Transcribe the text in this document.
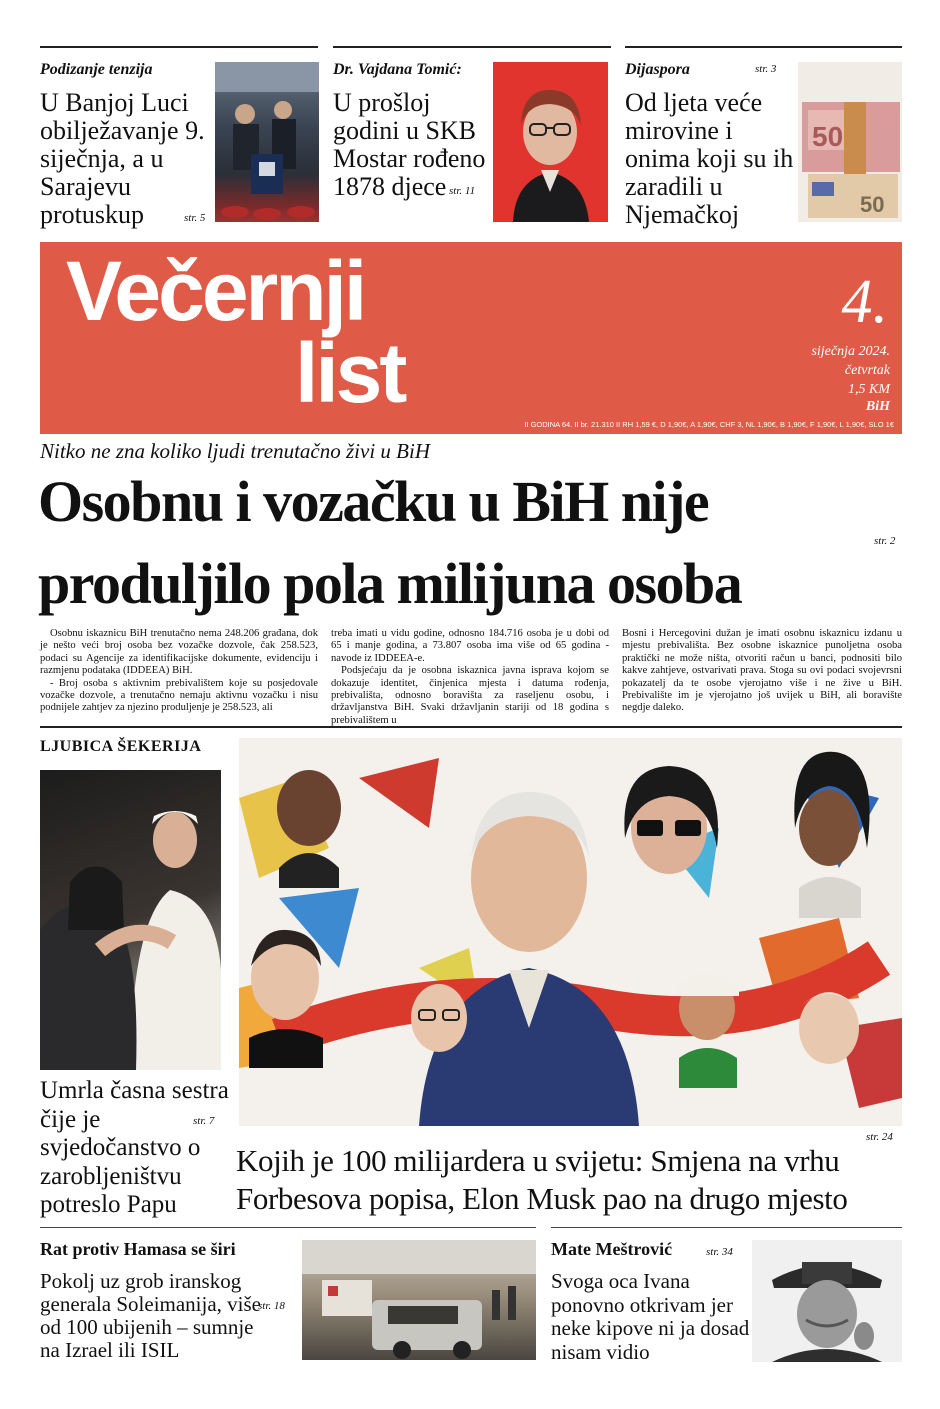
Podizanje tenzija
U Banjoj Luci obilježavanje 9. siječnja, a u Sarajevu protuskup	str. 5
Dr. Vajdana Tomić:
U prošloj godini u SKB Mostar rođeno 1878 djece str. 11
Dijaspora	str. 3
Od ljeta veće mirovine i onima koji su ih zaradili u Njemačkoj
50
50
Večernji
list
4.
siječnja 2024.
četvrtak
1,5 KM
BiH
II GODINA 64. II br. 21.310 II RH 1,59 €, D 1,90€, A 1,90€, CHF 3, NL 1,90€, B 1,90€, F 1,90€, L 1,90€, SLO 1€
Nitko ne zna koliko ljudi trenutačno živi u BiH
Osobnu i vozačku u BiH nije
produljilo pola milijuna osoba
str. 2

Osobnu iskaznicu BiH trenutačno nema 248.206 građana, dok je nešto veći broj osoba bez vozačke dozvole, čak 258.523, podaci su Agencije za identifikacijske dokumente, evidenciju i razmjenu podataka (IDDEEA) BiH.

- Broj osoba s aktivnim prebivalištem koje su posjedovale vozačke dozvole, a trenutačno nemaju aktivnu vozačku i nisu podnijele zahtjev za njezino produljenje je 258.523, ali

treba imati u vidu godine, odnosno 184.716 osoba je u dobi od 65 i manje godina, a 73.807 osoba ima više od 65 godina - navode iz IDDEEA-e.

Podsjećaju da je osobna iskaznica javna isprava kojom se dokazuje identitet, činjenica mjesta i datuma rođenja, prebivališta, odnosno boravišta za raseljenu osobu, i državljanstva BiH. Svaki državljanin stariji od 18 godina s prebivalištem u

Bosni i Hercegovini dužan je imati osobnu iskaznicu izdanu u mjestu prebivališta. Bez osobne iskaznice punoljetna osoba praktički ne može ništa, otvoriti račun u banci, podnositi bilo kakve zahtjeve, ostvarivati prava. Stoga su ovi podaci svojevrsni pokazatelj da te osobe vjerojatno više i ne žive u BiH. Prebivalište im je vjerojatno još uvijek u BiH, ali boravište negdje daleko.

LJUBICA ŠEKERIJA
Umrla časna sestra čije je svjedočanstvo o zarobljeništvu potreslo Papu
str. 7
str. 24
Kojih je 100 milijardera u svijetu: Smjena na vrhu Forbesova popisa, Elon Musk pao na drugo mjesto
Rat protiv Hamasa se širi
Pokolj uz grob iranskog generala Soleimanija, više od 100 ubijenih – sumnje na Izrael ili ISIL
str. 18
Mate Meštrović	str. 34
Svoga oca Ivana ponovno otkrivam jer neke kipove ni ja dosad nisam vidio
